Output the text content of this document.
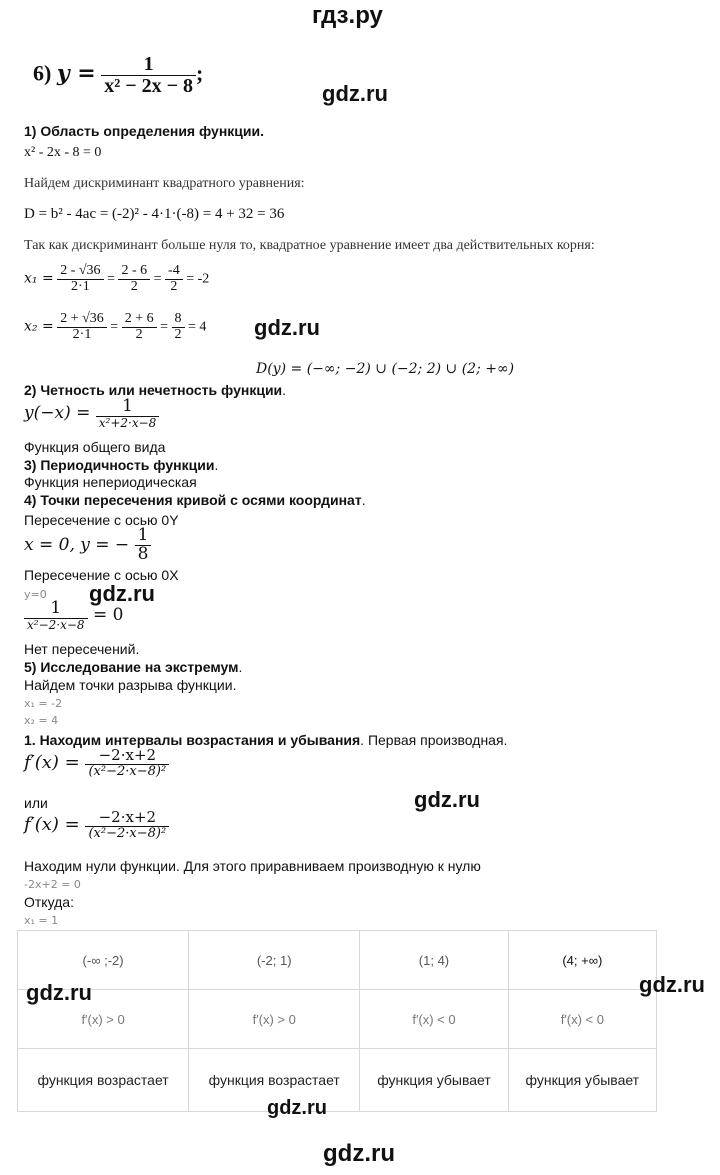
гдз.ру
6) $y = \frac{1}{\text{x² − 2x − 8}}$ ;
gdz.ru
1) Область определения функции.
x² - 2x - 8 = 0
Найдем дискриминант квадратного уравнения:
D = b² - 4ac = (-2)² - 4·1·(-8) = 4 + 32 = 36
Так как дискриминант больше нуля то, квадратное уравнение имеет два действительных корня:
$x_1 = \frac{2 - √36}{2\cdot 1} = \frac{2 - 6}{2} = \frac{-4}{2} = -2$
$x_2 = \frac{2 + √36}{2\cdot 1} = \frac{2 + 6}{2} = \frac{8}{2} = 4$ gdz.ru
D(y) = (−∞; −2) ∪ (−2; 2) ∪ (2; +∞)
2) Четность или нечетность функции.
$y(-x) = \frac{1}{\text{x²+2·x−8}}$
Функция общего вида
3) Периодичность функции.
Функция непериодическая
4) Точки пересечения кривой с осями координат.
Пересечение с осью 0Y
x = 0, y = − $\frac{1}{8}$
Пересечение с осью 0X
y=0 gdz.ru
$\frac{1}{\text{x²−2·x−8}} = 0$
Нет пересечений.
5) Исследование на экстремум.
Найдем точки разрыва функции.
x₁ = -2
x₂ = 4
1. Находим интервалы возрастания и убывания. Первая производная.
$f'(x) = \frac{-2\cdot x+2}{\text{(x²−2·x−8)²}}$
или	gdz.ru
$f'(x) = \frac{-2\cdot x+2}{\text{(x²−2·x−8)²}}$
Находим нули функции. Для этого приравниваем производную к нулю
-2x+2 = 0
Откуда:
x₁ = 1
(-∞ ;-2)	(-2; 1)	(1; 4)	(4; +∞)
f′(x) > 0	f′(x) > 0	f′(x) < 0	f′(x) < 0
функция возрастает	функция возрастает	функция убывает	функция убывает
gdz.ru	gdz.ru
gdz.ru
gdz.ru
